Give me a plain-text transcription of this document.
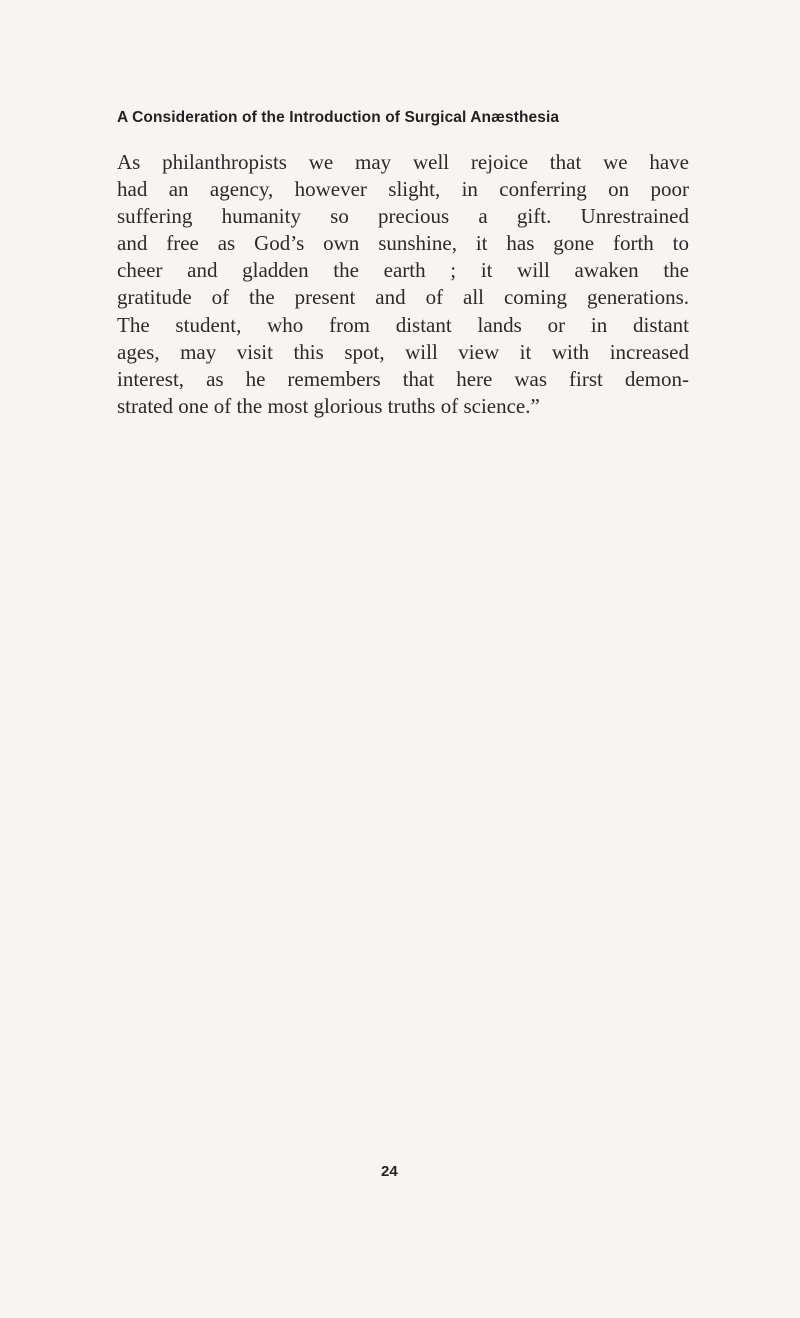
A Consideration of the Introduction of Surgical Anæsthesia
As philanthropists we may well rejoice that we have
had an agency, however slight, in conferring on poor
suffering humanity so precious a gift. Unrestrained
and free as God’s own sunshine, it has gone forth to
cheer and gladden the earth ; it will awaken the
gratitude of the present and of all coming generations.
The student, who from distant lands or in distant
ages, may visit this spot, will view it with increased
interest, as he remembers that here was first demon-
strated one of the most glorious truths of science.”
24
